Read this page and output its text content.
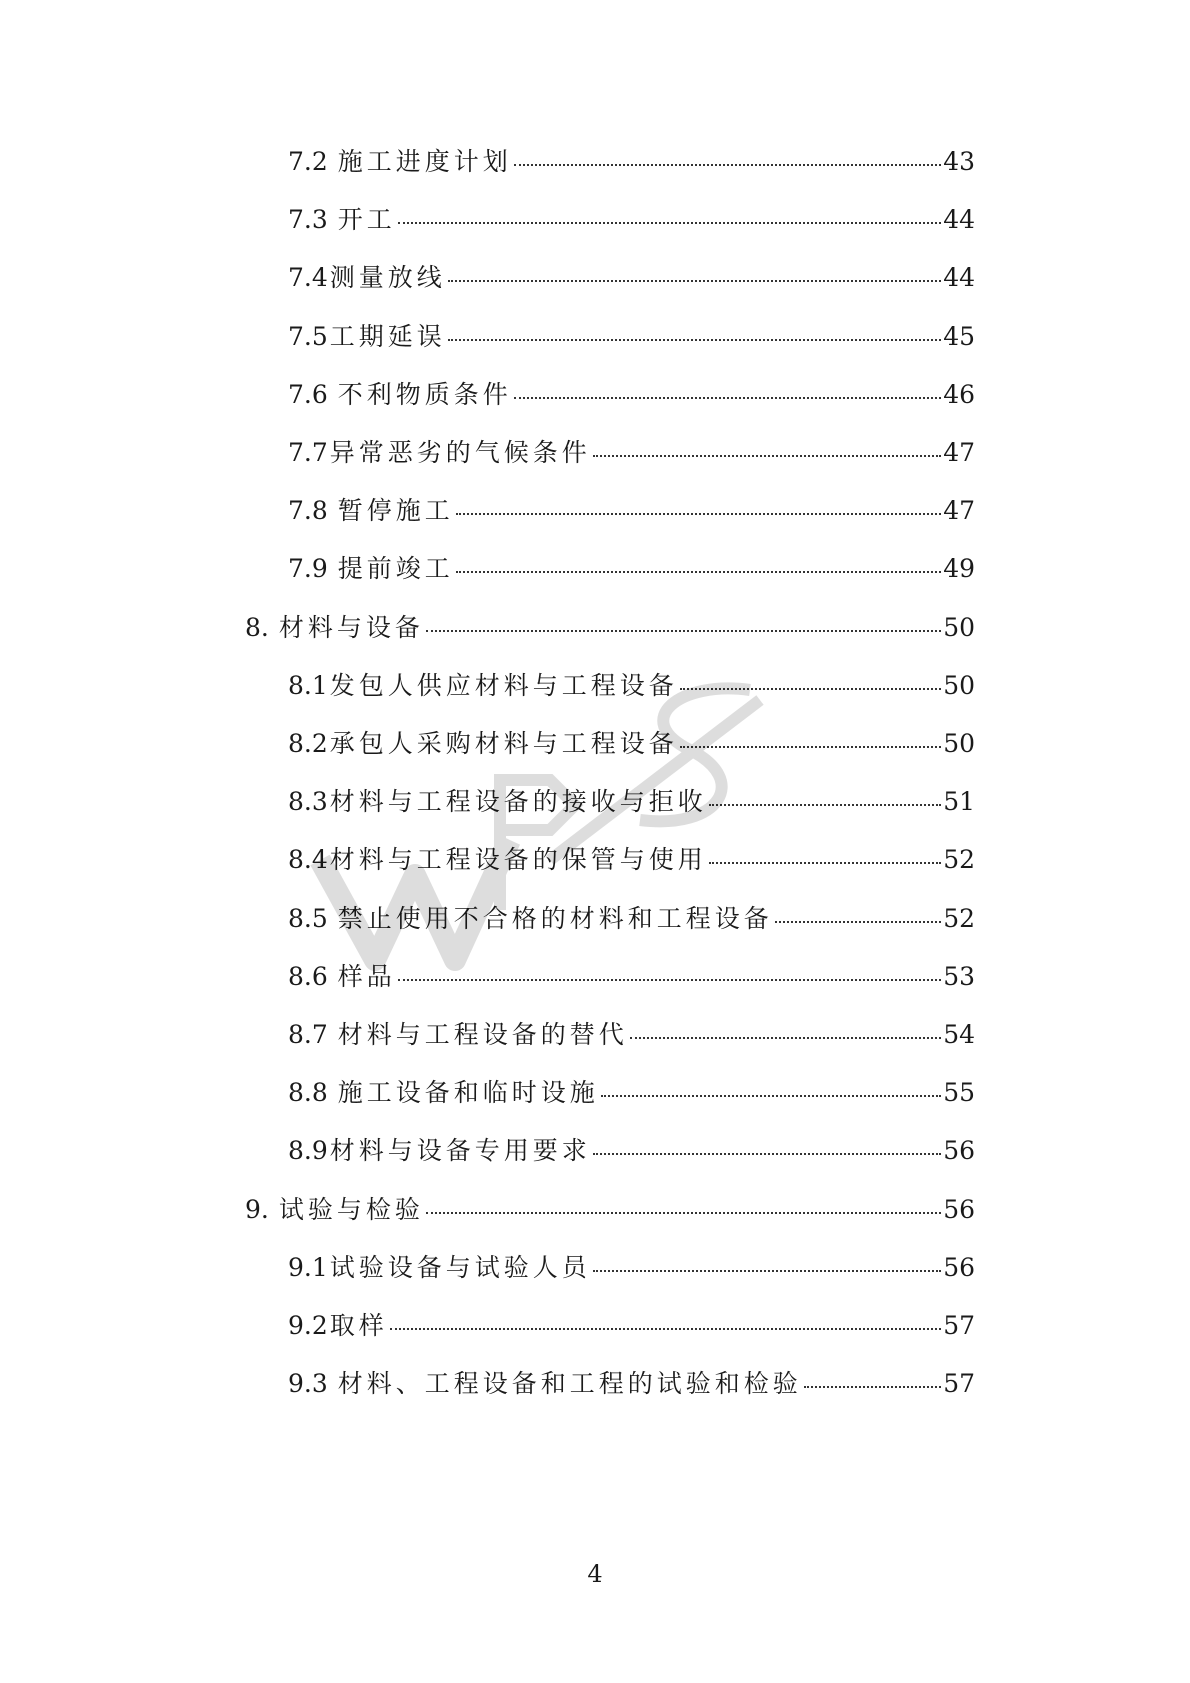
7.2 施工进度计划	43
7.3 开工	44
7.4 测量放线	44
7.5 工期延误	45
7.6 不利物质条件	46
7.7 异常恶劣的气候条件	47
7.8 暂停施工	47
7.9 提前竣工	49
8. 材料与设备	50
8.1 发包人供应材料与工程设备	50
8.2 承包人采购材料与工程设备	50
8.3 材料与工程设备的接收与拒收	51
8.4 材料与工程设备的保管与使用	52
8.5 禁止使用不合格的材料和工程设备	52
8.6 样品	53
8.7 材料与工程设备的替代	54
8.8 施工设备和临时设施	55
8.9 材料与设备专用要求	56
9. 试验与检验	56
9.1 试验设备与试验人员	56
9.2 取样	57
9.3 材料、工程设备和工程的试验和检验	57
4
